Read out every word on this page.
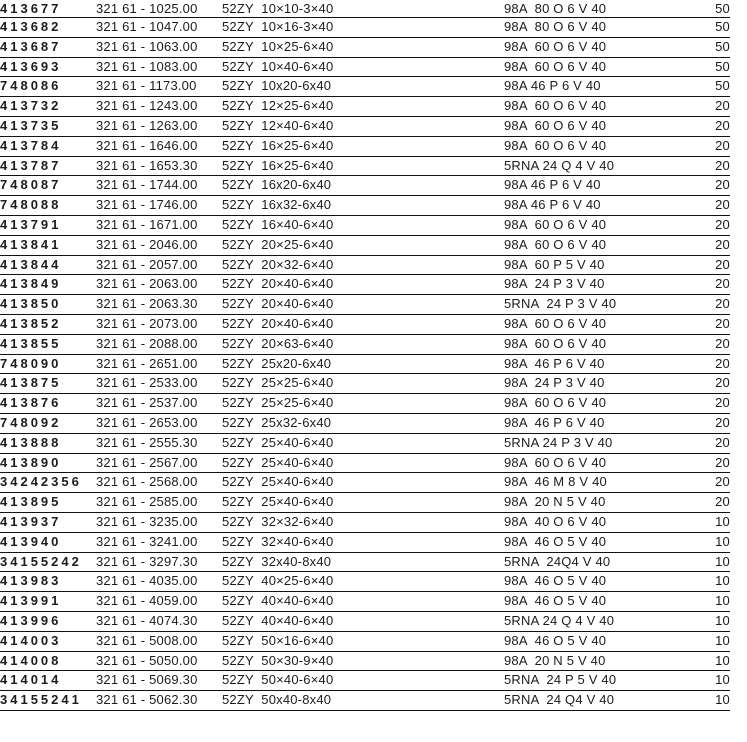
413677	321 61 - 1025.00	52ZY  10×10-3×40	98A  80 O 6 V 40	50
413682	321 61 - 1047.00	52ZY  10×16-3×40	98A  80 O 6 V 40	50
413687	321 61 - 1063.00	52ZY  10×25-6×40	98A  60 O 6 V 40	50
413693	321 61 - 1083.00	52ZY  10×40-6×40	98A  60 O 6 V 40	50
748086	321 61 - 1173.00	52ZY  10x20-6x40	98A 46 P 6 V 40	50
413732	321 61 - 1243.00	52ZY  12×25-6×40	98A  60 O 6 V 40	20
413735	321 61 - 1263.00	52ZY  12×40-6×40	98A  60 O 6 V 40	20
413784	321 61 - 1646.00	52ZY  16×25-6×40	98A  60 O 6 V 40	20
413787	321 61 - 1653.30	52ZY  16×25-6×40	5RNA 24 Q 4 V 40	20
748087	321 61 - 1744.00	52ZY  16x20-6x40	98A 46 P 6 V 40	20
748088	321 61 - 1746.00	52ZY  16x32-6x40	98A 46 P 6 V 40	20
413791	321 61 - 1671.00	52ZY  16×40-6×40	98A  60 O 6 V 40	20
413841	321 61 - 2046.00	52ZY  20×25-6×40	98A  60 O 6 V 40	20
413844	321 61 - 2057.00	52ZY  20×32-6×40	98A  60 P 5 V 40	20
413849	321 61 - 2063.00	52ZY  20×40-6×40	98A  24 P 3 V 40	20
413850	321 61 - 2063.30	52ZY  20×40-6×40	5RNA  24 P 3 V 40	20
413852	321 61 - 2073.00	52ZY  20×40-6×40	98A  60 O 6 V 40	20
413855	321 61 - 2088.00	52ZY  20×63-6×40	98A  60 O 6 V 40	20
748090	321 61 - 2651.00	52ZY  25x20-6x40	98A  46 P 6 V 40	20
413875	321 61 - 2533.00	52ZY  25×25-6×40	98A  24 P 3 V 40	20
413876	321 61 - 2537.00	52ZY  25×25-6×40	98A  60 O 6 V 40	20
748092	321 61 - 2653.00	52ZY  25x32-6x40	98A  46 P 6 V 40	20
413888	321 61 - 2555.30	52ZY  25×40-6×40	5RNA 24 P 3 V 40	20
413890	321 61 - 2567.00	52ZY  25×40-6×40	98A  60 O 6 V 40	20
34242356	321 61 - 2568.00	52ZY  25×40-6×40	98A  46 M 8 V 40	20
413895	321 61 - 2585.00	52ZY  25×40-6×40	98A  20 N 5 V 40	20
413937	321 61 - 3235.00	52ZY  32×32-6×40	98A  40 O 6 V 40	10
413940	321 61 - 3241.00	52ZY  32×40-6×40	98A  46 O 5 V 40	10
34155242	321 61 - 3297.30	52ZY  32x40-8x40	5RNA  24Q4 V 40	10
413983	321 61 - 4035.00	52ZY  40×25-6×40	98A  46 O 5 V 40	10
413991	321 61 - 4059.00	52ZY  40×40-6×40	98A  46 O 5 V 40	10
413996	321 61 - 4074.30	52ZY  40×40-6×40	5RNA 24 Q 4 V 40	10
414003	321 61 - 5008.00	52ZY  50×16-6×40	98A  46 O 5 V 40	10
414008	321 61 - 5050.00	52ZY  50×30-9×40	98A  20 N 5 V 40	10
414014	321 61 - 5069.30	52ZY  50×40-6×40	5RNA  24 P 5 V 40	10
34155241	321 61 - 5062.30	52ZY  50x40-8x40	5RNA  24 Q4 V 40	10
